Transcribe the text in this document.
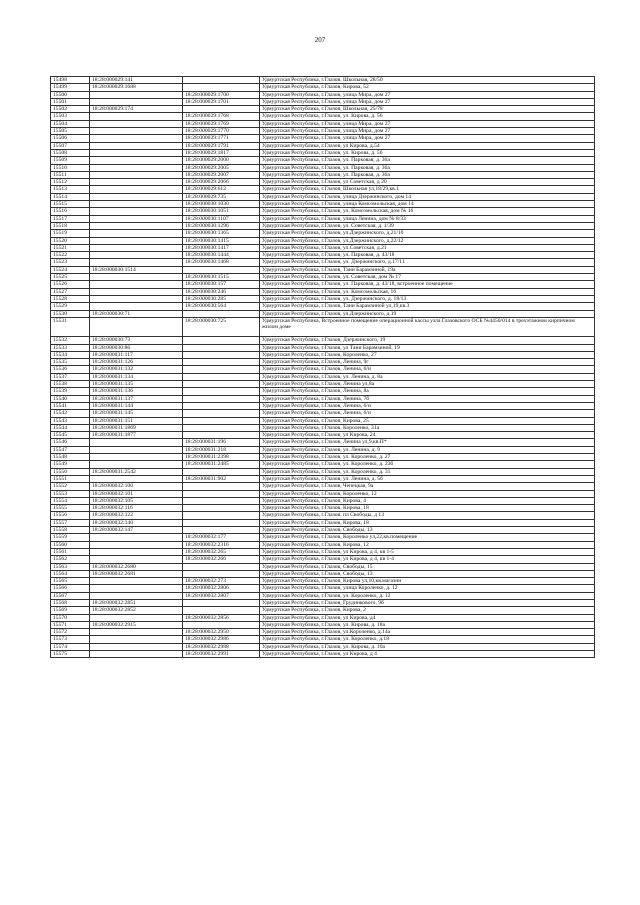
207
15498	18:28:000029:141		Удмуртская Республика, г.Глазов, Школьная, 28/50
15499	18:28:000029:1688		Удмуртская Республика, г.Глазов, Кирова, 52
15500		18:28:000029:1700	Удмуртская Республика, г.Глазов, улица Мира, дом 27
15501		18:28:000029:1701	Удмуртская Республика, г.Глазов, улица Мира, дом 27
15502	18:28:000029:174		Удмуртская Республика, г.Глазов, Школьная, 25/78
15503		18:28:000029:1768	Удмуртская Республика, г.Глазов, ул. Кирова, д. 56
15504		18:28:000029:1769	Удмуртская Республика, г.Глазов, улица Мира, дом 27
15505		18:28:000029:1770	Удмуртская Республика, г.Глазов, улица Мира, дом 27
15506		18:28:000029:1771	Удмуртская Республика, г.Глазов, улица Мира, дом 27
15507		18:28:000029:1791	Удмуртская Республика, г.Глазов, ул Кирова, д.54
15508		18:28:000029:1817	Удмуртская Республика, г.Глазов, ул. Кирова, д. 56
15509		18:28:000029:2000	Удмуртская Республика, г.Глазов, ул. Парковая, д. 36а
15510		18:28:000029:2005	Удмуртская Республика, г.Глазов, ул. Парковая, д. 36а
15511		18:28:000029:2007	Удмуртская Республика, г.Глазов, ул. Парковая, д. 36а
15512		18:28:000029:2066	Удмуртская Республика, г.Глазов, ул Советская, д 20
15513		18:28:000029:612	Удмуртская Республика, г.Глазов, Школьная ул,18/29,кв.1
15514		18:28:000029:735	Удмуртская Республика, г.Глазов, улица Дзержинского, дом 14
15515		18:28:000030:1030	Удмуртская Республика, г.Глазов, улица Комсомольская, дом 14
15516		18:28:000030:1051	Удмуртская Республика, г.Глазов, ул. Комсомольская, дом № 16
15517		18:28:000030:1107	Удмуртская Республика, г.Глазов, улица Ленина, дом № 8/33
15518		18:28:000030:1296	Удмуртская Республика, г.Глазов, ул. Советская, д. 1/39
15519		18:28:000030:1365	Удмуртская Республика, г.Глазов, ул.Дзержинского, д.21/10
15520		18:28:000030:1415	Удмуртская Республика, г.Глазов, ул.Дзержинского, д.22/12
15521		18:28:000030:1417	Удмуртская Республика, г.Глазов, ул.Советская, д.21
15522		18:28:000030:1444	Удмуртская Республика, г.Глазов, ул. Парковая, д. 43/18
15523		18:28:000030:1468	Удмуртская Республика, г.Глазов, ул. Дзержинского, д.17/11
15524	18:28:000030:1514		Удмуртская Республика, г.Глазов, Тани Барамзиной, 19а
15525		18:28:000030:1515	Удмуртская Республика, г.Глазов, ул. Советская, дом № 17
15526		18:28:000030:157	Удмуртская Республика, г.Глазов, ул. Парковая, д. 43/18, встроенное помещение
15527		18:28:000030:246	Удмуртская Республика, г.Глазов, ул. Комсомольская, 16
15528		18:28:000030:285	Удмуртская Республика, г.Глазов, ул. Дзержинского, д. 18/13
15529		18:28:000030:564	Удмуртская Республика, г.Глазов, Тани Барамзиной ул,19,кв.3
15530	18:28:000030:71		Удмуртская Республика, г.Глазов, ул.Дзержинского, д.19
15531		18:28:000030:725	Удмуртская Республика, Встроенное помещение операционной кассы узла Глазовского ОСБ №4450/014 в трехэтажном кирпичном жилом доме
15532	18:28:000030:73		Удмуртская Республика, г.Глазов, Дзержинского, 19
15533	18:28:000030:86		Удмуртская Республика, г.Глазов, ул Тани Барамзиной, 19
15534	18:28:000031:117		Удмуртская Республика, г.Глазов, Короленко, 27
15535	18:28:000031:126		Удмуртская Республика, г.Глазов, Ленина, 9г
15536	18:28:000031:132		Удмуртская Республика, г.Глазов, Ленина, 6/и
15537	18:28:000031:134		Удмуртская Республика, г.Глазов, ул. Ленина, д. 8а
15538	18:28:000031:135		Удмуртская Республика, г.Глазов, Ленина ул,8а
15539	18:28:000031:136		Удмуртская Республика, г.Глазов, Ленина, 8а
15540	18:28:000031:137		Удмуртская Республика, г.Глазов, Ленина, 7б
15541	18:28:000031:144		Удмуртская Республика, г.Глазов, Ленина, 6/и
15542	18:28:000031:145		Удмуртская Республика, г.Глазов, Ленина, 6/и
15543	18:28:000031:151		Удмуртская Республика, г.Глазов, Кирова, 25
15544	18:28:000031:1869		Удмуртская Республика, г.Глазов, Короленко, 31а
15545	18:28:000031:1877		Удмуртская Республика, г.Глазов, ул Кирова, 24
15546		18:28:000031:196	Удмуртская Республика, г.Глазов, Ленина ул,9,кв.П*
15547		18:28:000031:218	Удмуртская Республика, г.Глазов, ул. Ленина, д. 9
15548		18:28:000031:2398	Удмуртская Республика, г.Глазов, ул. Короленко, д. 27
15549		18:28:000031:2485	Удмуртская Республика, г.Глазов, ул. Короленко, д. 23б
15550	18:28:000031:2542		Удмуртская Республика, г.Глазов, ул. Короленко, д. 31
15551		18:28:000031:902	Удмуртская Республика, г.Глазов, ул. Ленина, д. 5б
15552	18:28:000032:100		Удмуртская Республика, г.Глазов, Чепецкая, 9а
15553	18:28:000032:101		Удмуртская Республика, г.Глазов, Короленко, 12
15554	18:28:000032:105		Удмуртская Республика, г.Глазов, Кирова, 4
15555	18:28:000032:116		Удмуртская Республика, г.Глазов, Кирова, 18
15556	18:28:000032:122		Удмуртская Республика, г.Глазов, пл Свободы, д 13
15557	18:28:000032:140		Удмуртская Республика, г.Глазов, Кирова, 18
15558	18:28:000032:147		Удмуртская Республика, г.Глазов, Свободы, 13
15559		18:28:000032:177	Удмуртская Республика, г.Глазов, Короленко ул,22,кв.помещение
15560		18:28:000032:2316	Удмуртская Республика, г.Глазов, Кирова, 12
15561		18:28:000032:265	Удмуртская Республика, г.Глазов, ул Кирова, д 4, кв 1-5
15562		18:28:000032:266	Удмуртская Республика, г.Глазов, ул Кирова, д 4, кв 1-4
15563	18:28:000032:2680		Удмуртская Республика, г.Глазов, Свободы, 15
15564	18:28:000032:2681		Удмуртская Республика, г.Глазов, Свободы, 13
15565		18:28:000032:273	Удмуртская Республика, г.Глазов, Кирова ул,10,кв.магазин
15566		18:28:000032:2806	Удмуртская Республика, г.Глазов, улица Короленко, д. 12
15567		18:28:000032:2807	Удмуртская Республика, г.Глазов, ул. Короленко, д. 12
15568	18:28:000032:2851		Удмуртская Республика, г.Глазов, Грудинкового, 9б
15569	18:28:000032:2852		Удмуртская Республика, г.Глазов, Кирова, 2
15570		18:28:000032:2856	Удмуртская Республика, г.Глазов, ул Кирова, д4
15571	18:28:000032:2915		Удмуртская Республика, г.Глазов, ул. Кирова, д. 18а
15572		18:28:000032:2950	Удмуртская Республика, г.Глазов, ул.Короленко, д.14а
15573		18:28:000032:2986	Удмуртская Республика, г.Глазов, ул. Короленко, д.18
15574		18:28:000032:2988	Удмуртская Республика, г.Глазов, ул. Кирова, д. 10а
15575		18:28:000032:2991	Удмуртская Республика, г.Глазов, ул Кирова, д 4
